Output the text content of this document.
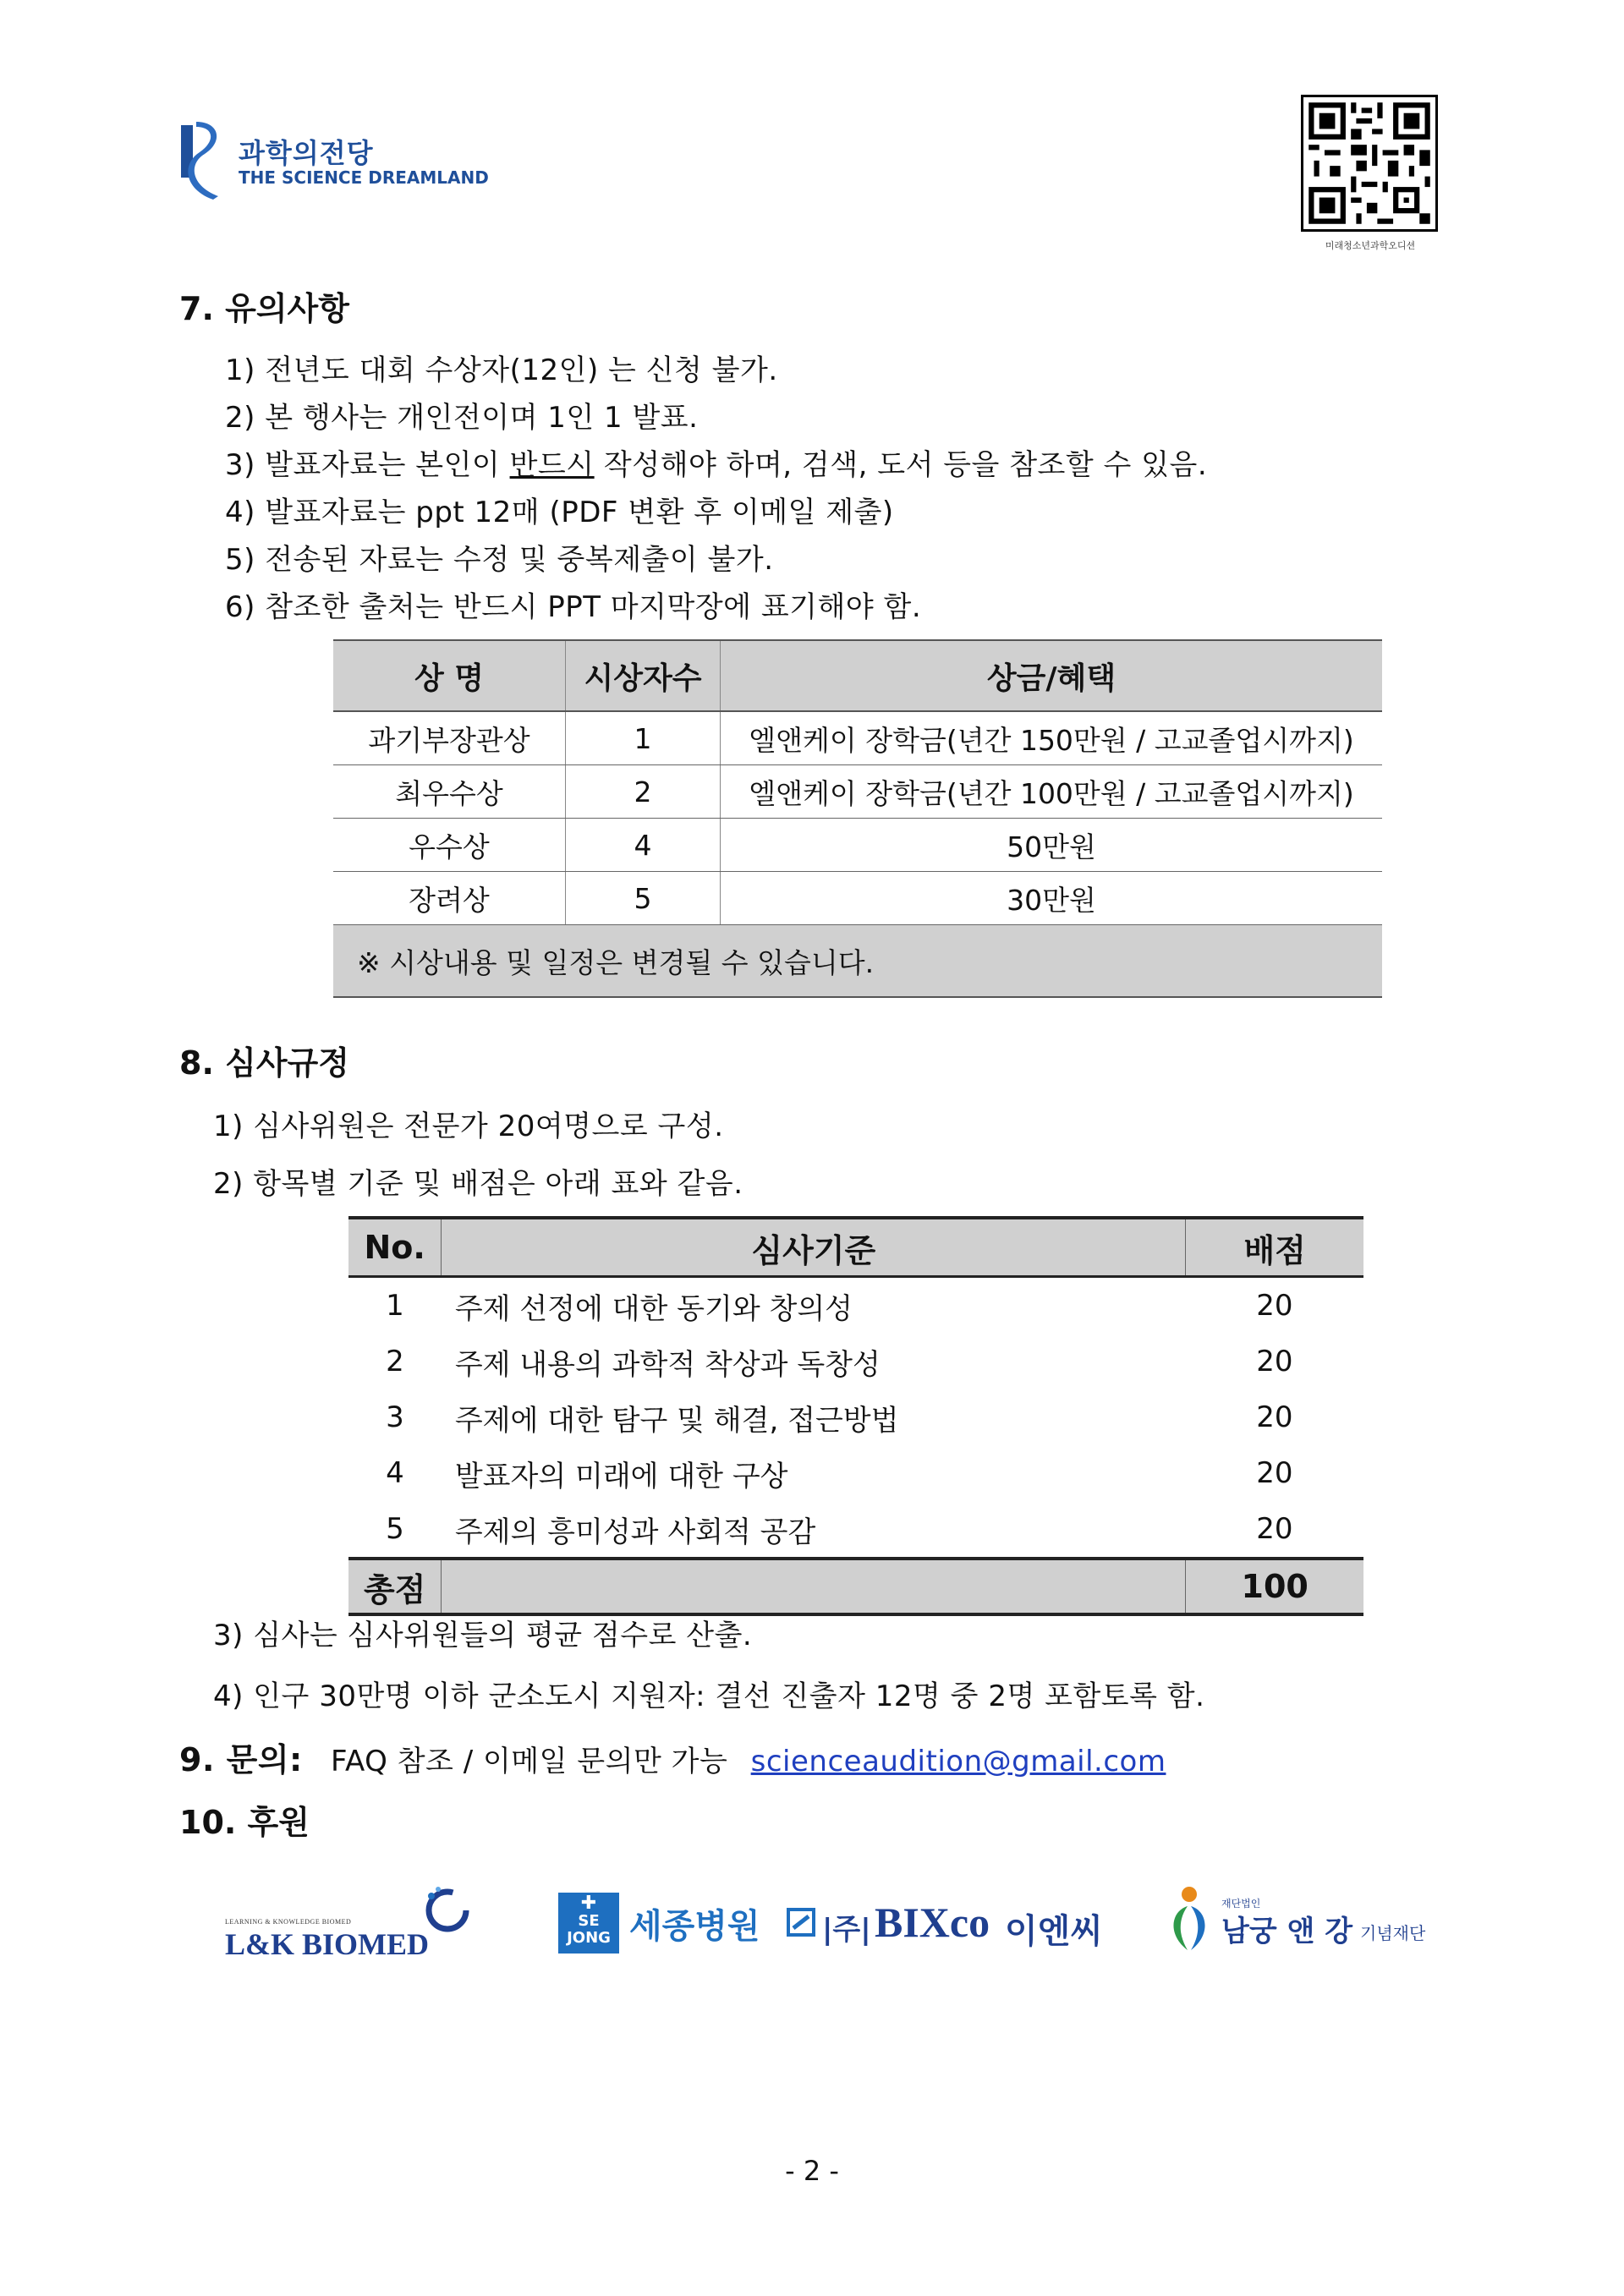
과학의전당
THE SCIENCE DREAMLAND
미래청소년과학오디션
7. 유의사항
1) 전년도 대회 수상자(12인) 는 신청 불가.
2) 본 행사는 개인전이며 1인 1 발표.
3) 발표자료는 본인이 반드시 작성해야 하며, 검색, 도서 등을 참조할 수 있음.
4) 발표자료는 ppt 12매 (PDF 변환 후 이메일 제출)
5) 전송된 자료는 수정 및 중복제출이 불가.
6) 참조한 출처는 반드시 PPT 마지막장에 표기해야 함.
상 명	시상자수	상금/혜택
과기부장관상	1	엘앤케이 장학금(년간 150만원 / 고교졸업시까지)
최우수상	2	엘앤케이 장학금(년간 100만원 / 고교졸업시까지)
우수상	4	50만원
장려상	5	30만원
※ 시상내용 및 일정은 변경될 수 있습니다.		
8. 심사규정
1) 심사위원은 전문가 20여명으로 구성.
2) 항목별 기준 및 배점은 아래 표와 같음.
No.	심사기준	배점
1	주제 선정에 대한 동기와 창의성	20
2	주제 내용의 과학적 착상과 독창성	20
3	주제에 대한 탐구 및 해결, 접근방법	20
4	발표자의 미래에 대한 구상	20
5	주제의 흥미성과 사회적 공감	20
총점		100
3) 심사는 심사위원들의 평균 점수로 산출.
4) 인구 30만명 이하 군소도시 지원자: 결선 진출자 12명 중 2명 포함토록 함.
9. 문의: FAQ 참조 / 이메일 문의만 가능 scienceaudition@gmail.com
10. 후원
LEARNING & KNOWLEDGE BIOMED
L&K BIOMED
✚
SE
JONG 세종병원 |주| BIXco 이엔씨
재단법인
남궁 앤 강 기념재단
- 2 -
